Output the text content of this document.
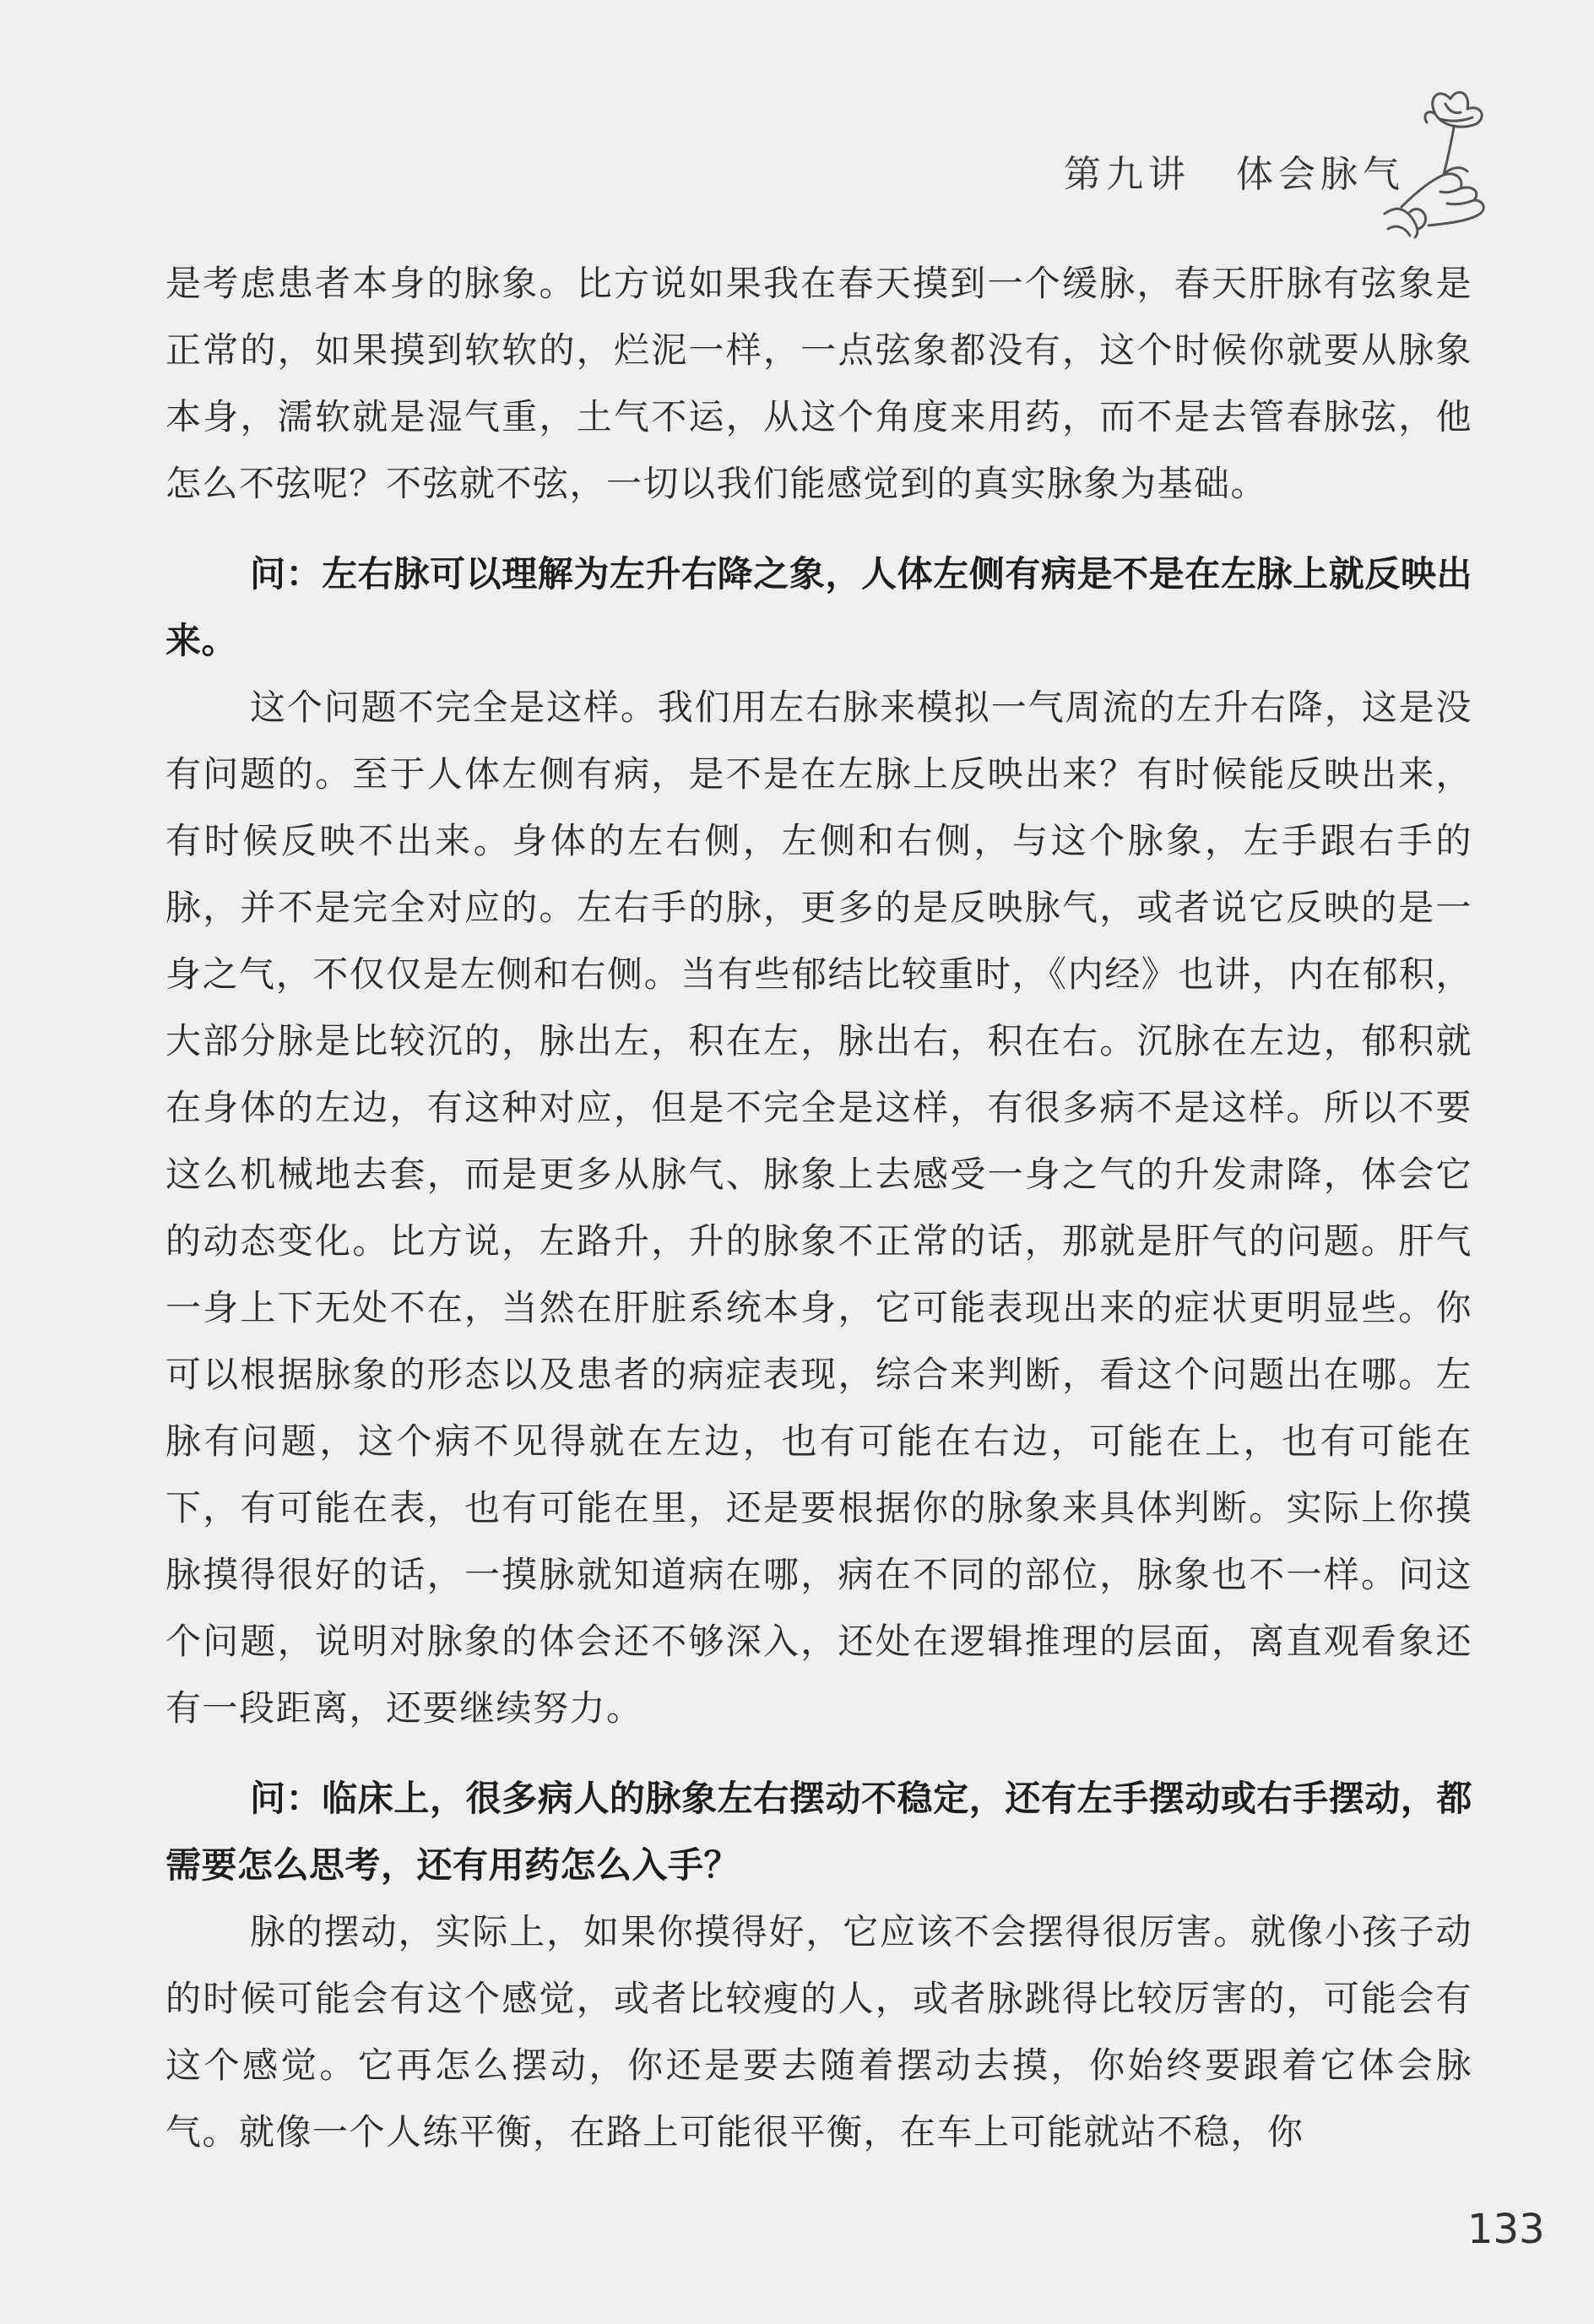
第九讲 体会脉气

是考虑患者本身的脉象。比方说如果我在春天摸到一个缓脉，春天肝脉有弦象是正常的，如果摸到软软的，烂泥一样，一点弦象都没有，这个时候你就要从脉象本身，濡软就是湿气重，土气不运，从这个角度来用药，而不是去管春脉弦，他怎么不弦呢？不弦就不弦，一切以我们能感觉到的真实脉象为基础。

问：左右脉可以理解为左升右降之象，人体左侧有病是不是在左脉上就反映出来。

这个问题不完全是这样。我们用左右脉来模拟一气周流的左升右降，这是没有问题的。至于人体左侧有病，是不是在左脉上反映出来？有时候能反映出来，有时候反映不出来。身体的左右侧，左侧和右侧，与这个脉象，左手跟右手的脉，并不是完全对应的。左右手的脉，更多的是反映脉气，或者说它反映的是一身之气，不仅仅是左侧和右侧。当有些郁结比较重时，《内经》也讲，内在郁积，大部分脉是比较沉的，脉出左，积在左，脉出右，积在右。沉脉在左边，郁积就在身体的左边，有这种对应，但是不完全是这样，有很多病不是这样。所以不要这么机械地去套，而是更多从脉气、脉象上去感受一身之气的升发肃降，体会它的动态变化。比方说，左路升，升的脉象不正常的话，那就是肝气的问题。肝气一身上下无处不在，当然在肝脏系统本身，它可能表现出来的症状更明显些。你可以根据脉象的形态以及患者的病症表现，综合来判断，看这个问题出在哪。左脉有问题，这个病不见得就在左边，也有可能在右边，可能在上，也有可能在下，有可能在表，也有可能在里，还是要根据你的脉象来具体判断。实际上你摸脉摸得很好的话，一摸脉就知道病在哪，病在不同的部位，脉象也不一样。问这个问题，说明对脉象的体会还不够深入，还处在逻辑推理的层面，离直观看象还有一段距离，还要继续努力。

问：临床上，很多病人的脉象左右摆动不稳定，还有左手摆动或右手摆动，都需要怎么思考，还有用药怎么入手？

脉的摆动，实际上，如果你摸得好，它应该不会摆得很厉害。就像小孩子动的时候可能会有这个感觉，或者比较瘦的人，或者脉跳得比较厉害的，可能会有这个感觉。它再怎么摆动，你还是要去随着摆动去摸，你始终要跟着它体会脉气。就像一个人练平衡，在路上可能很平衡，在车上可能就站不稳，你

133
